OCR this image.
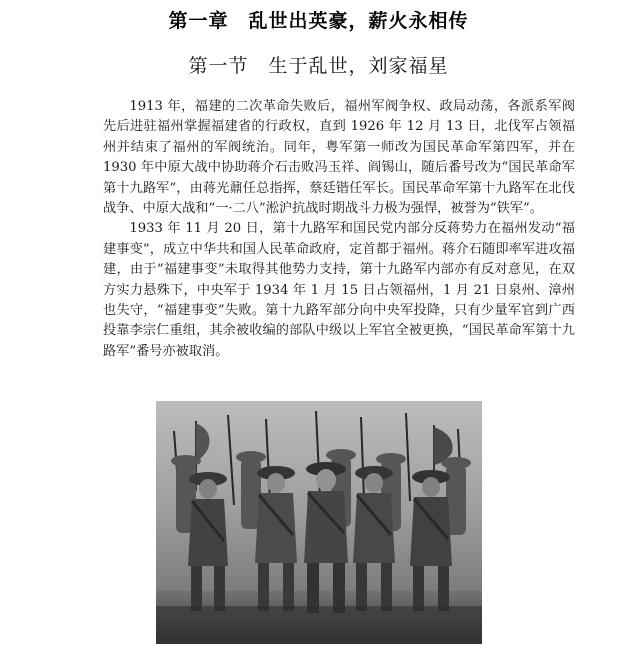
第一章　乱世出英豪，薪火永相传
第一节　生于乱世，刘家福星

1913 年，福建的二次革命失败后，福州军阀争权、政局动荡，各派系军阀先后进驻福州掌握福建省的行政权，直到 1926 年 12 月 13 日，北伐军占领福州并结束了福州的军阀统治。同年，粤军第一师改为国民革命军第四军，并在 1930 年中原大战中协助蒋介石击败冯玉祥、阎锡山，随后番号改为“国民革命军第十九路军”，由蒋光鼐任总指挥，蔡廷锴任军长。国民革命军第十九路军在北伐战争、中原大战和“一·二八”淞沪抗战时期战斗力极为强悍，被誉为“铁军”。

1933 年 11 月 20 日，第十九路军和国民党内部分反蒋势力在福州发动“福建事变”，成立中华共和国人民革命政府，定首都于福州。蒋介石随即率军进攻福建，由于“福建事变”未取得其他势力支持，第十九路军内部亦有反对意见，在双方实力悬殊下，中央军于 1934 年 1 月 15 日占领福州，1 月 21 日泉州、漳州也失守，“福建事变”失败。第十九路军部分向中央军投降，只有少量军官到广西投靠李宗仁重组，其余被收编的部队中级以上军官全被更换，“国民革命军第十九路军”番号亦被取消。
